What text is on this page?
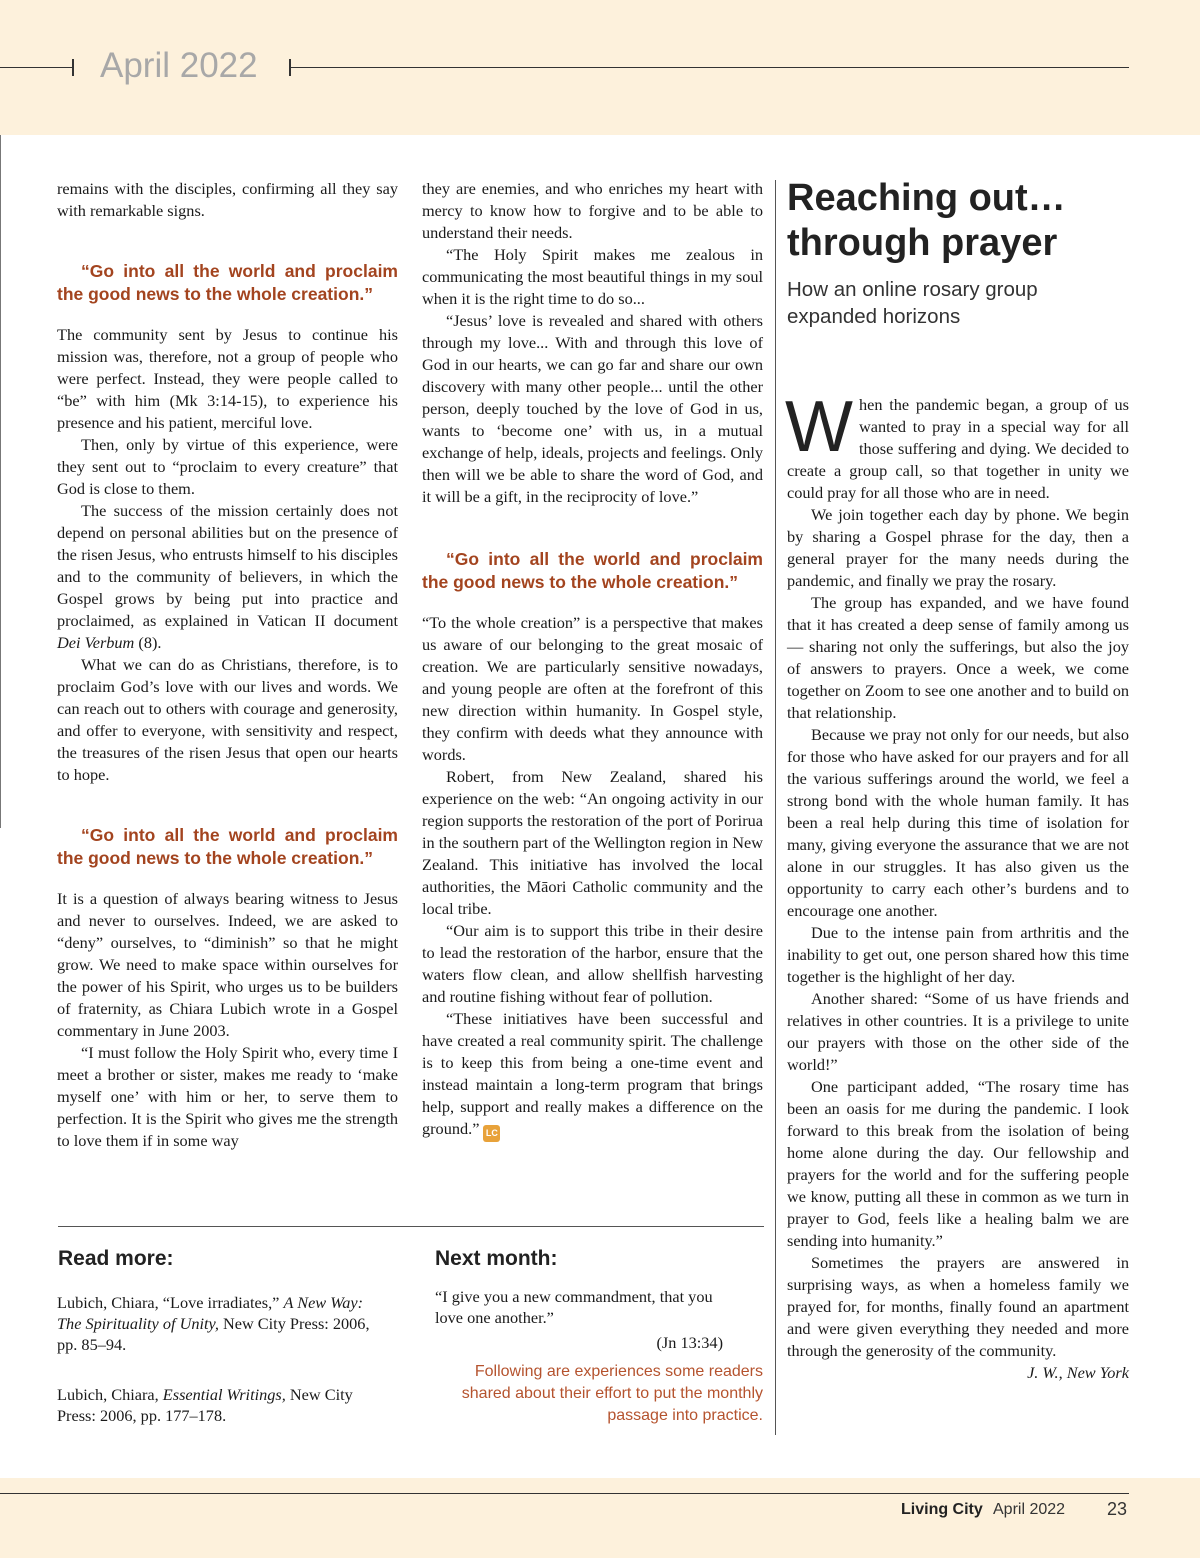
April 2022

remains with the disciples, confirming all they say with remarkable signs.

“Go into all the world and proclaim the good news to the whole creation.”

The community sent by Jesus to continue his mission was, therefore, not a group of people who were perfect. Instead, they were people called to “be” with him (Mk 3:14-15), to experience his presence and his patient, merciful love.

Then, only by virtue of this experience, were they sent out to “proclaim to every creature” that God is close to them.

The success of the mission certainly does not depend on personal abilities but on the presence of the risen Jesus, who entrusts himself to his disciples and to the community of believers, in which the Gospel grows by being put into practice and proclaimed, as explained in Vatican II document Dei Verbum (8).

What we can do as Christians, therefore, is to proclaim God’s love with our lives and words. We can reach out to others with courage and generosity, and offer to everyone, with sensitivity and respect, the treasures of the risen Jesus that open our hearts to hope.

“Go into all the world and proclaim the good news to the whole creation.”

It is a question of always bearing witness to Jesus and never to ourselves. Indeed, we are asked to “deny” ourselves, to “diminish” so that he might grow. We need to make space within ourselves for the power of his Spirit, who urges us to be builders of fraternity, as Chiara Lubich wrote in a Gospel commentary in June 2003.

“I must follow the Holy Spirit who, every time I meet a brother or sister, makes me ready to ‘make myself one’ with him or her, to serve them to perfection. It is the Spirit who gives me the strength to love them if in some way

they are enemies, and who enriches my heart with mercy to know how to forgive and to be able to understand their needs.

“The Holy Spirit makes me zealous in communicating the most beautiful things in my soul when it is the right time to do so...

“Jesus’ love is revealed and shared with others through my love... With and through this love of God in our hearts, we can go far and share our own discovery with many other people... until the other person, deeply touched by the love of God in us, wants to ‘become one’ with us, in a mutual exchange of help, ideals, projects and feelings. Only then will we be able to share the word of God, and it will be a gift, in the reciprocity of love.”

“Go into all the world and proclaim the good news to the whole creation.”

“To the whole creation” is a perspective that makes us aware of our belonging to the great mosaic of creation. We are particularly sensitive nowadays, and young people are often at the forefront of this new direction within humanity. In Gospel style, they confirm with deeds what they announce with words.

Robert, from New Zealand, shared his experience on the web: “An ongoing activity in our region supports the restoration of the port of Porirua in the southern part of the Wellington region in New Zealand. This initiative has involved the local authorities, the Māori Catholic community and the local tribe.

“Our aim is to support this tribe in their desire to lead the restoration of the harbor, ensure that the waters flow clean, and allow shellfish harvesting and routine fishing without fear of pollution.

“These initiatives have been successful and have created a real community spirit. The challenge is to keep this from being a one-time event and instead maintain a long-term program that brings help, support and really makes a difference on the ground.” LC

Reaching out… through prayer

How an online rosary group expanded horizons

When the pandemic began, a group of us wanted to pray in a special way for all those suffering and dying. We decided to create a group call, so that together in unity we could pray for all those who are in need.

We join together each day by phone. We begin by sharing a Gospel phrase for the day, then a general prayer for the many needs during the pandemic, and finally we pray the rosary.

The group has expanded, and we have found that it has created a deep sense of family among us — sharing not only the sufferings, but also the joy of answers to prayers. Once a week, we come together on Zoom to see one another and to build on that relationship.

Because we pray not only for our needs, but also for those who have asked for our prayers and for all the various sufferings around the world, we feel a strong bond with the whole human family. It has been a real help during this time of isolation for many, giving everyone the assurance that we are not alone in our struggles. It has also given us the opportunity to carry each other’s burdens and to encourage one another.

Due to the intense pain from arthritis and the inability to get out, one person shared how this time together is the highlight of her day.

Another shared: “Some of us have friends and relatives in other countries. It is a privilege to unite our prayers with those on the other side of the world!”

One participant added, “The rosary time has been an oasis for me during the pandemic. I look forward to this break from the isolation of being home alone during the day. Our fellowship and prayers for the world and for the suffering people we know, putting all these in common as we turn in prayer to God, feels like a healing balm we are sending into humanity.”

Sometimes the prayers are answered in surprising ways, as when a homeless family we prayed for, for months, finally found an apartment and were given everything they needed and more through the generosity of the community.

J. W., New York

Read more:

Lubich, Chiara, “Love irradiates,” A New Way: The Spirituality of Unity, New City Press: 2006, pp. 85–94.

Lubich, Chiara, Essential Writings, New City Press: 2006, pp. 177–178.

Next month:

“I give you a new commandment, that you love one another.”

(Jn 13:34)

Following are experiences some readers shared about their effort to put the monthly passage into practice.

Living City April 2022 23
